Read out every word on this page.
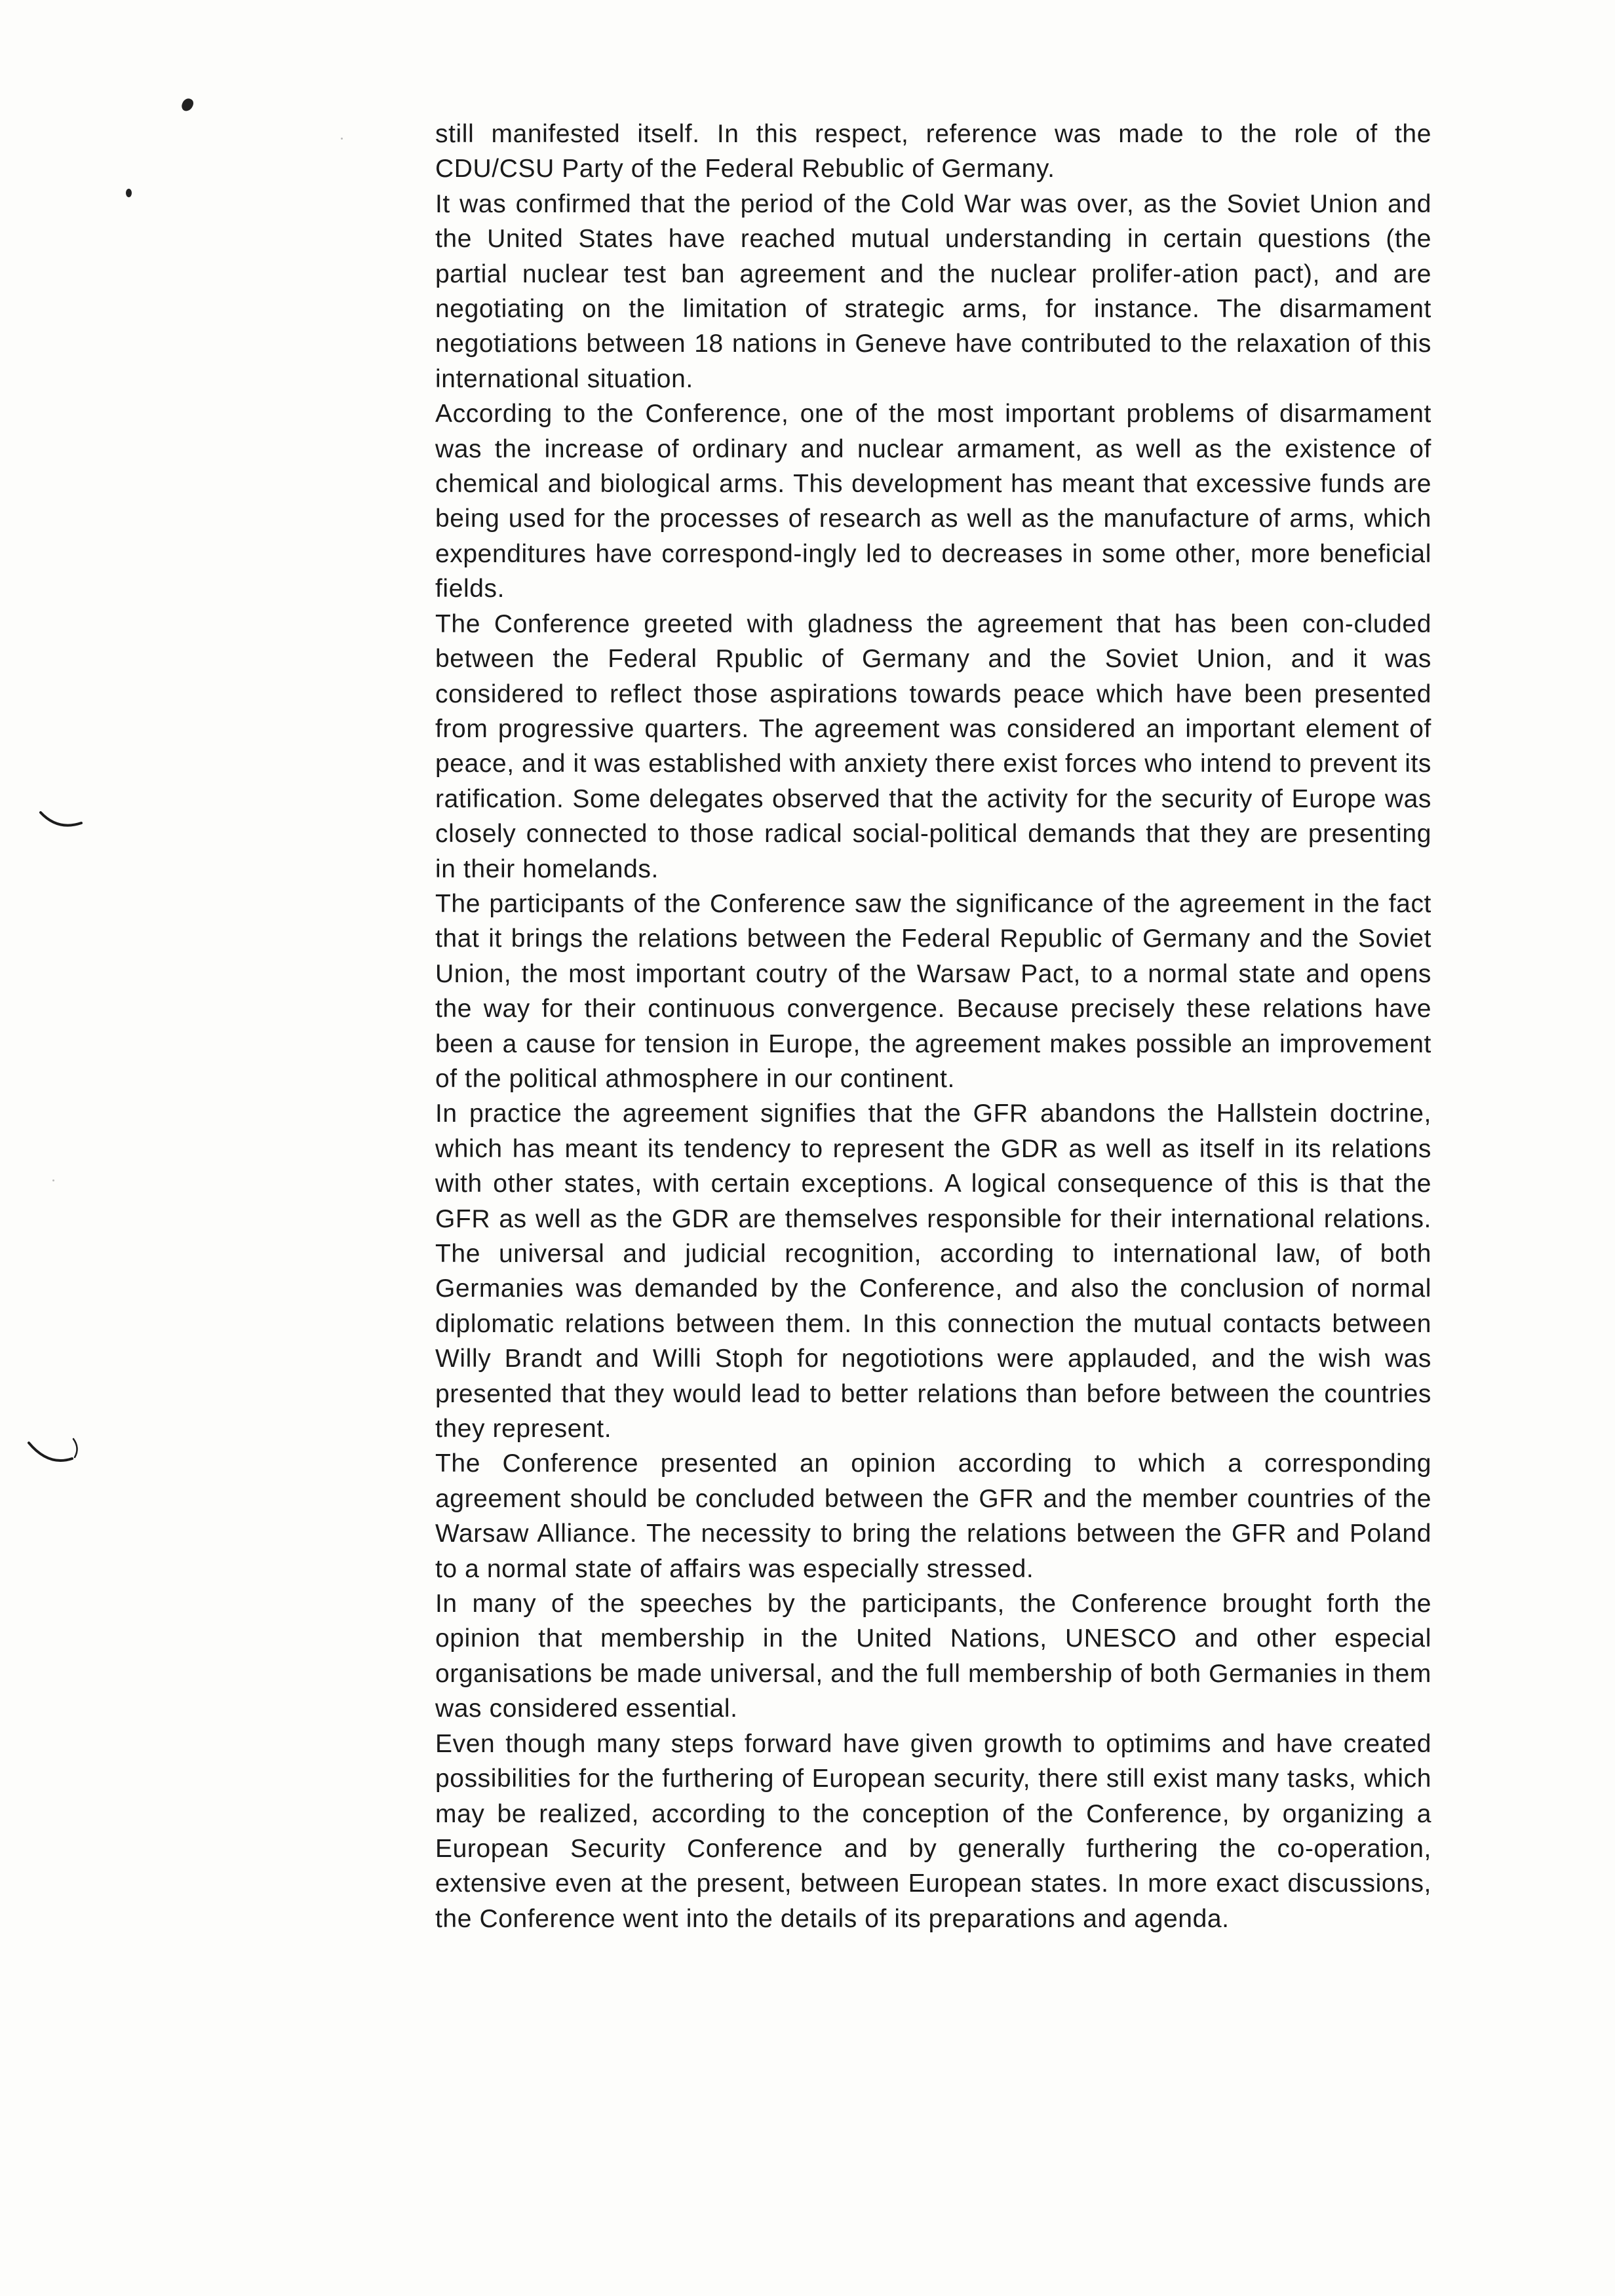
still manifested itself. In this respect, reference was made to the role of the CDU/CSU Party of the Federal Rebublic of Germany.

It was confirmed that the period of the Cold War was over, as the Soviet Union and the United States have reached mutual understanding in certain questions (the partial nuclear test ban agreement and the nuclear prolifer-ation pact), and are negotiating on the limitation of strategic arms, for instance. The disarmament negotiations between 18 nations in Geneve have contributed to the relaxation of this international situation.

According to the Conference, one of the most important problems of disarmament was the increase of ordinary and nuclear armament, as well as the existence of chemical and biological arms. This development has meant that excessive funds are being used for the processes of research as well as the manufacture of arms, which expenditures have correspond-ingly led to decreases in some other, more beneficial fields.

The Conference greeted with gladness the agreement that has been con-cluded between the Federal Rpublic of Germany and the Soviet Union, and it was considered to reflect those aspirations towards peace which have been presented from progressive quarters. The agreement was considered an important element of peace, and it was established with anxiety there exist forces who intend to prevent its ratification. Some delegates observed that the activity for the security of Europe was closely connected to those radical social-political demands that they are presenting in their homelands.

The participants of the Conference saw the significance of the agreement in the fact that it brings the relations between the Federal Republic of Germany and the Soviet Union, the most important coutry of the Warsaw Pact, to a normal state and opens the way for their continuous convergence. Because precisely these relations have been a cause for tension in Europe, the agreement makes possible an improvement of the political athmosphere in our continent.

In practice the agreement signifies that the GFR abandons the Hallstein doctrine, which has meant its tendency to represent the GDR as well as itself in its relations with other states, with certain exceptions. A logical consequence of this is that the GFR as well as the GDR are themselves responsible for their international relations. The universal and judicial recognition, according to international law, of both Germanies was demanded by the Conference, and also the conclusion of normal diplomatic relations between them. In this connection the mutual contacts between Willy Brandt and Willi Stoph for negotiotions were applauded, and the wish was presented that they would lead to better relations than before between the countries they represent.

The Conference presented an opinion according to which a corresponding agreement should be concluded between the GFR and the member countries of the Warsaw Alliance. The necessity to bring the relations between the GFR and Poland to a normal state of affairs was especially stressed.

In many of the speeches by the participants, the Conference brought forth the opinion that membership in the United Nations, UNESCO and other especial organisations be made universal, and the full membership of both Germanies in them was considered essential.

Even though many steps forward have given growth to optimims and have created possibilities for the furthering of European security, there still exist many tasks, which may be realized, according to the conception of the Conference, by organizing a European Security Conference and by generally furthering the co-operation, extensive even at the present, between European states. In more exact discussions, the Conference went into the details of its preparations and agenda.
